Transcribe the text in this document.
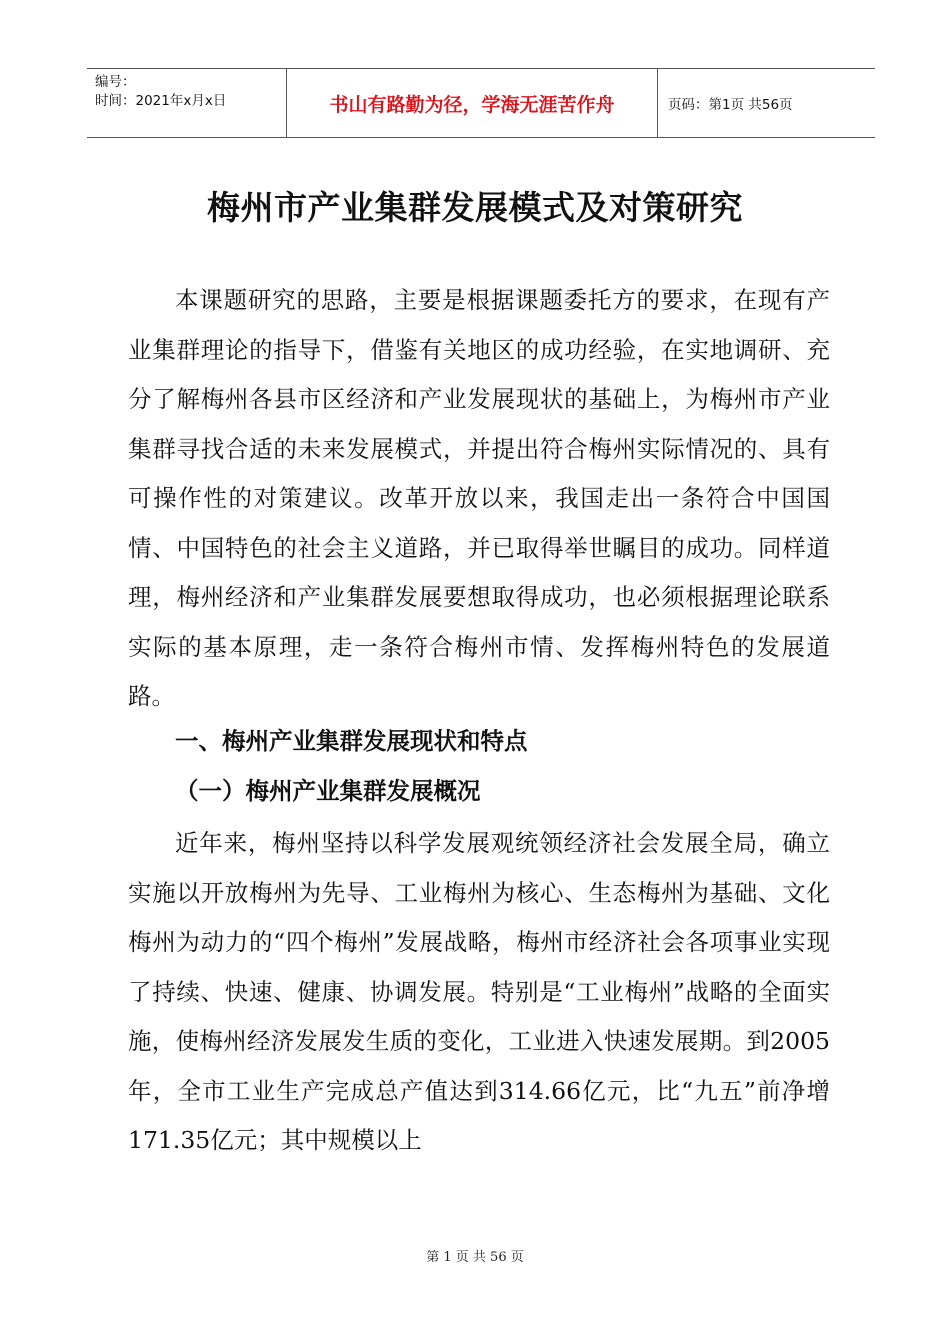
编号：
时间：2021年x月x日	书山有路勤为径，学海无涯苦作舟	页码：第1页 共56页
梅州市产业集群发展模式及对策研究

本课题研究的思路，主要是根据课题委托方的要求，在现有产业集群理论的指导下，借鉴有关地区的成功经验，在实地调研、充分了解梅州各县市区经济和产业发展现状的基础上，为梅州市产业集群寻找合适的未来发展模式，并提出符合梅州实际情况的、具有可操作性的对策建议。改革开放以来，我国走出一条符合中国国情、中国特色的社会主义道路，并已取得举世瞩目的成功。同样道理，梅州经济和产业集群发展要想取得成功，也必须根据理论联系实际的基本原理，走一条符合梅州市情、发挥梅州特色的发展道路。

一、梅州产业集群发展现状和特点
（一）梅州产业集群发展概况

近年来，梅州坚持以科学发展观统领经济社会发展全局，确立实施以开放梅州为先导、工业梅州为核心、生态梅州为基础、文化梅州为动力的“四个梅州”发展战略，梅州市经济社会各项事业实现了持续、快速、健康、协调发展。特别是“工业梅州”战略的全面实施，使梅州经济发展发生质的变化，工业进入快速发展期。到2005年，全市工业生产完成总产值达到314.66亿元，比“九五”前净增171.35亿元；其中规模以上

第 1 页 共 56 页
